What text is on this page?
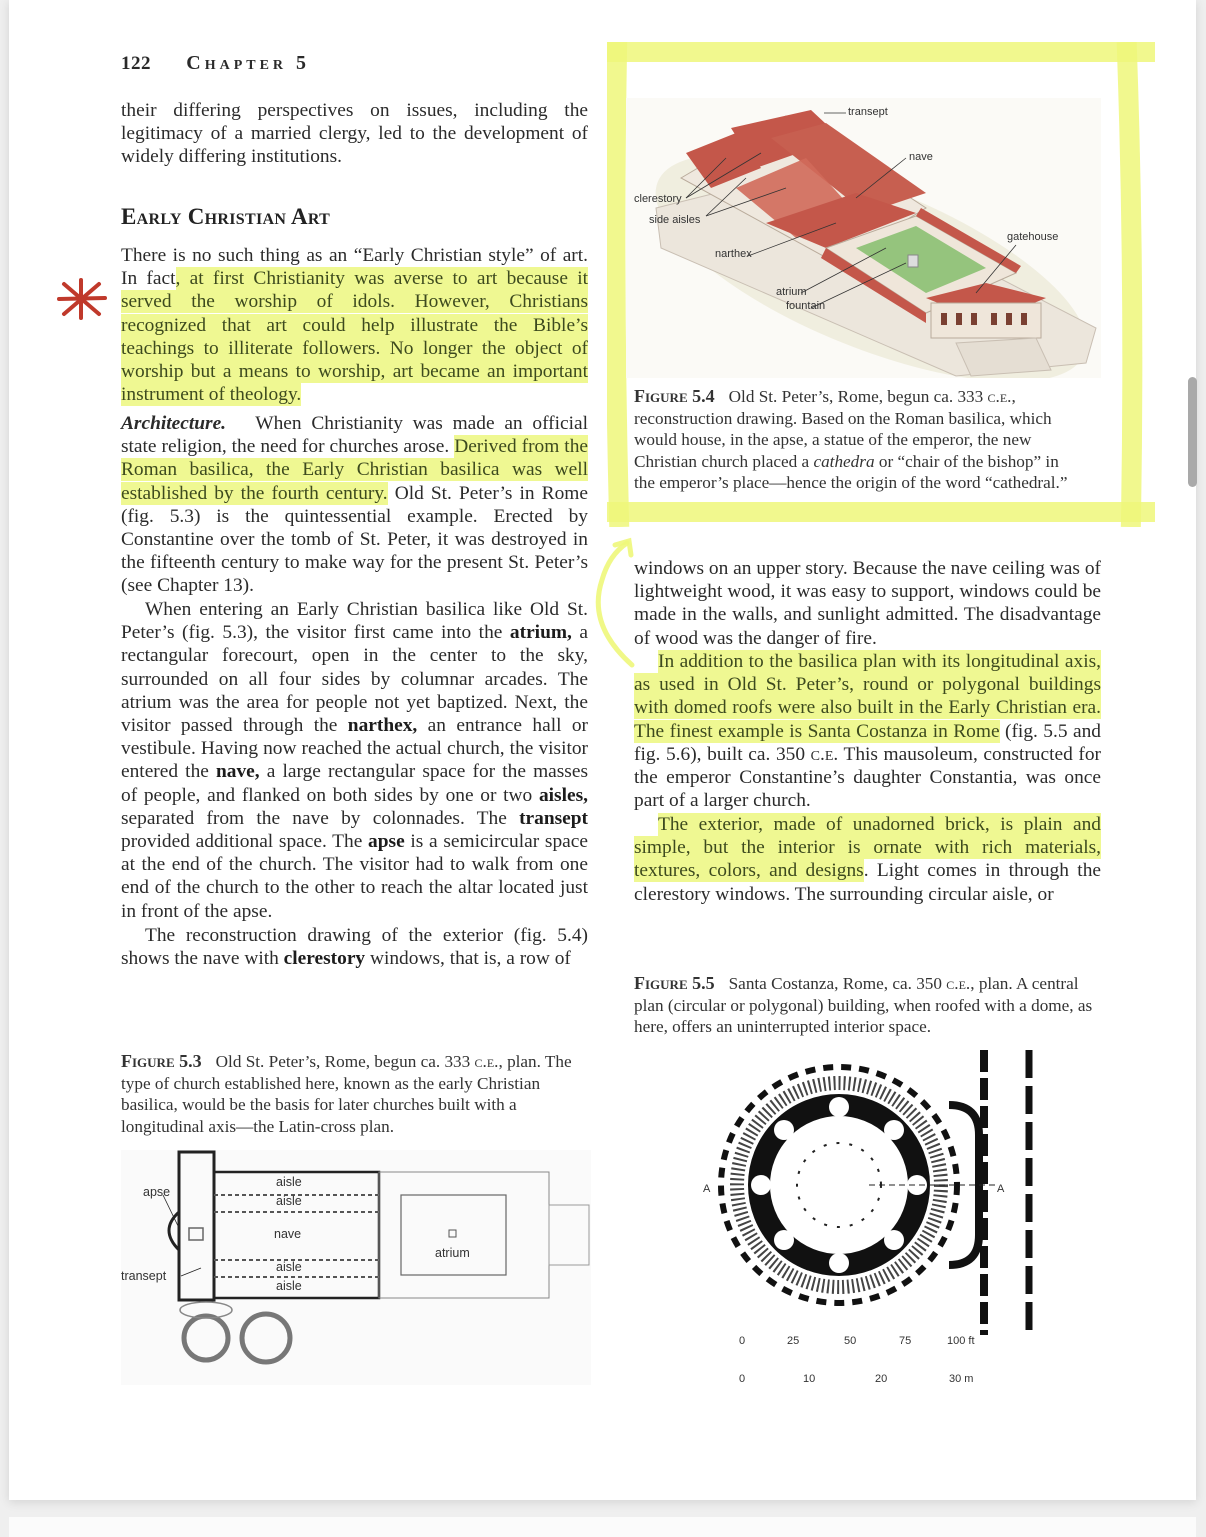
122 Chapter 5
their differing perspectives on issues, including the legitimacy of a married clergy, led to the development of widely differing institutions.
Early Christian Art
There is no such thing as an “Early Christian style” of art. In fact, at first Christianity was averse to art because it served the worship of idols. However, Christians recognized that art could help illustrate the Bible’s teachings to illiterate followers. No longer the object of worship but a means to worship, art became an important instrument of theology.
Architecture. When Christianity was made an official state religion, the need for churches arose. Derived from the Roman basilica, the Early Christian basilica was well established by the fourth century. Old St. Peter’s in Rome (fig. 5.3) is the quintessential example. Erected by Constantine over the tomb of St. Peter, it was destroyed in the fifteenth century to make way for the present St. Peter’s (see Chapter 13).
When entering an Early Christian basilica like Old St. Peter’s (fig. 5.3), the visitor first came into the atrium, a rectangular forecourt, open in the center to the sky, surrounded on all four sides by columnar arcades. The atrium was the area for people not yet baptized. Next, the visitor passed through the narthex, an entrance hall or vestibule. Having now reached the actual church, the visitor entered the nave, a large rectangular space for the masses of people, and flanked on both sides by one or two aisles, separated from the nave by colonnades. The transept provided additional space. The apse is a semicircular space at the end of the church. The visitor had to walk from one end of the church to the other to reach the altar located just in front of the apse.
The reconstruction drawing of the exterior (fig. 5.4) shows the nave with clerestory windows, that is, a row of
transept
nave
clerestory
side aisles
narthex
gatehouse
atrium
fountain
Figure 5.4 Old St. Peter’s, Rome, begun ca. 333 c.e., reconstruction drawing. Based on the Roman basilica, which would house, in the apse, a statue of the emperor, the new Christian church placed a cathedra or “chair of the bishop” in the emperor’s place—hence the origin of the word “cathedral.”
windows on an upper story. Because the nave ceiling was of lightweight wood, it was easy to support, windows could be made in the walls, and sunlight admitted. The disadvantage of wood was the danger of fire.
In addition to the basilica plan with its longitudinal axis, as used in Old St. Peter’s, round or polygonal buildings with domed roofs were also built in the Early Christian era. The finest example is Santa Costanza in Rome (fig. 5.5 and fig. 5.6), built ca. 350 c.e. This mausoleum, constructed for the emperor Constantine’s daughter Constantia, was once part of a larger church.
The exterior, made of unadorned brick, is plain and simple, but the interior is ornate with rich materials, textures, colors, and designs. Light comes in through the clerestory windows. The surrounding circular aisle, or
Figure 5.5 Santa Costanza, Rome, ca. 350 c.e., plan. A central plan (circular or polygonal) building, when roofed with a dome, as here, offers an uninterrupted interior space.
Figure 5.3 Old St. Peter’s, Rome, begun ca. 333 c.e., plan. The type of church established here, known as the early Christian basilica, would be the basis for later churches built with a longitudinal axis—the Latin-cross plan.
apse
transept
aisle
aisle
nave
aisle
aisle
atrium
A	A
0	25	50	75	100 ft
0	10	20	30 m
